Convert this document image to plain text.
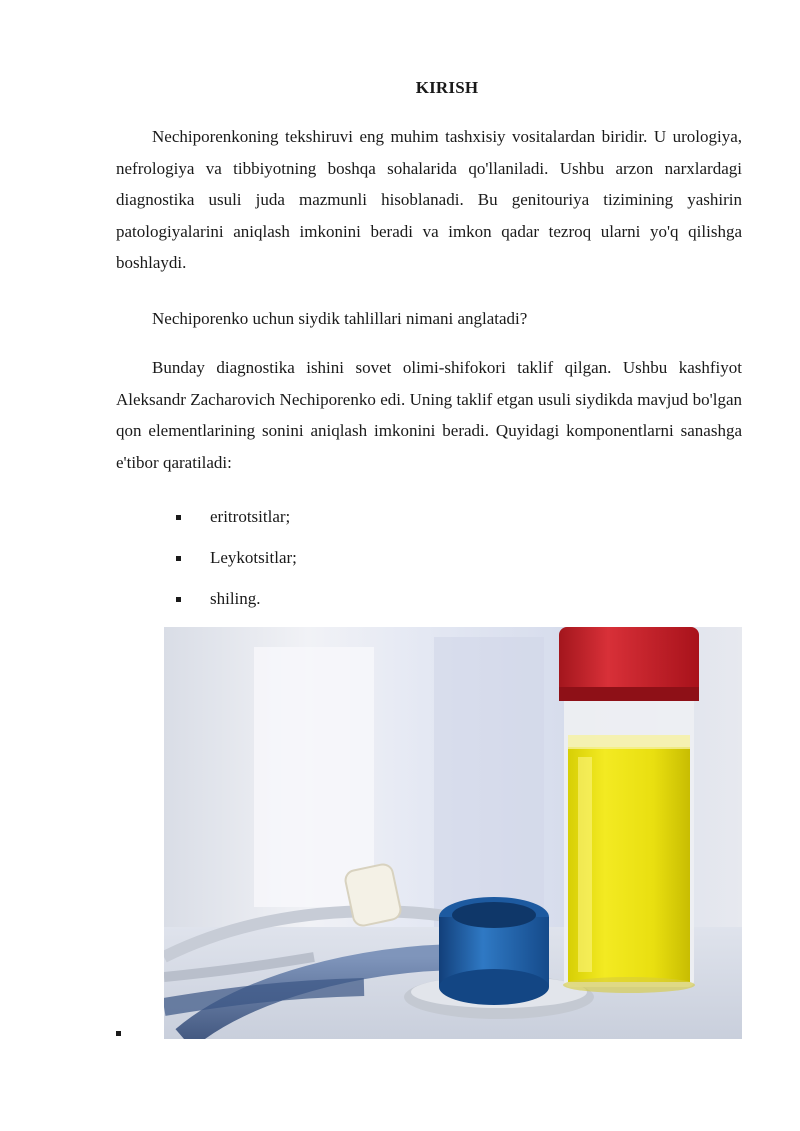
KIRISH

Nechiporenkoning tekshiruvi eng muhim tashxisiy vositalardan biridir. U urologiya, nefrologiya va tibbiyotning boshqa sohalarida qo'llaniladi. Ushbu arzon narxlardagi diagnostika usuli juda mazmunli hisoblanadi. Bu genitouriya tizimining yashirin patologiyalarini aniqlash imkonini beradi va imkon qadar tezroq ularni yo'q qilishga boshlaydi.

Nechiporenko uchun siydik tahlillari nimani anglatadi?

Bunday diagnostika ishini sovet olimi-shifokori taklif qilgan. Ushbu kashfiyot Aleksandr Zacharovich Nechiporenko edi. Uning taklif etgan usuli siydikda mavjud bo'lgan qon elementlarining sonini aniqlash imkonini beradi. Quyidagi komponentlarni sanashga e'tibor qaratiladi:

eritrotsitlar;
Leykotsitlar;
shiling.
